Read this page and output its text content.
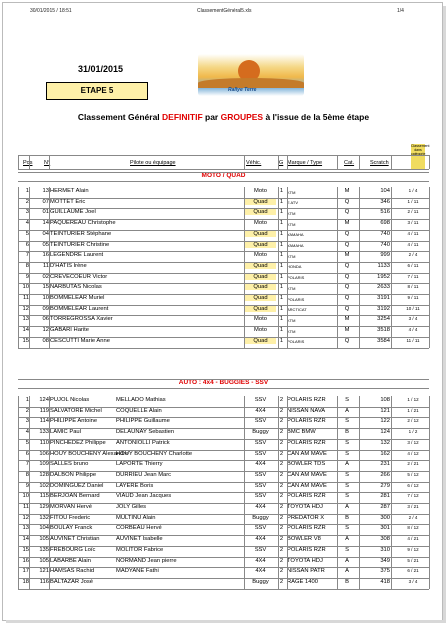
30/01/2015 / 18:51	ClassementGénéral5.xls	1/4
31/01/2015
ETAPE 5	Rallye Terre
Classement Général DEFINITIF par GROUPES à l'issue de la 5ème étape
Pos N°	Pilote ou équipage	Véhic.	G Marque / Type	Cat.	Scratch
Classement dans catégorie
MOTO / QUAD
1	13 HERMET Alain	Moto	1 KTM	M	104	1 / 4
2	07 MOTTET Eric	Quad	1 E ATV	Q	346	1 / 11
3	01 GUILLAUME Joel	Quad	1 KTM	Q	516	2 / 11
4	14 PAQUEREAU Christophe	Moto	1 KTM	M	698	3 / 11
5	04 TEINTURIER Stéphane	Quad	1 YAMAHA	Q	740	4 / 11
6	05 TEINTURIER Christine	Quad	1 YAMAHA	Q	740	4 / 11
7	16 LEGENDRE Laurent	Moto	1 KTM	M	999	2 / 4
8	11 D'HATIS Irène	Quad	1 HONDA	Q	1133	6 / 11
9	02 CREVECOEUR Victor	Quad	1 POLARIS	Q	1952	7 / 11
10	15 NARBUTAS Nicolas	Quad	1 KTM	Q	2633	8 / 11
11	10 BOMMELEAR Muriel	Quad	1 POLARIS	Q	3191	9 / 11
12	09 BOMMELEAR Laurent	Quad	1 ARCTICAT	Q	3192	10 / 11
13	06 TORREGROSSA Xavier	Moto	1 KTM	M	3254	3 / 4
14	12 GABARI Harite	Moto	1 KTM	M	3518	4 / 4
15	08 CESCUTTI Marie Anne	Quad	1 POLARIS	Q	3584	11 / 11
AUTO : 4x4 - BUGGIES - SSV
1	124 PUJOL Nicolas	MELLADO Mathias	SSV	2 POLARIS RZR	S	108	1 / 12
2	119 SALVATORE Michel	COQUELLE Alain	4X4	2 NISSAN NAVA	A	121	1 / 21
3	114 PHILIPPE Antoine	PHILIPPE Guillaume	SSV	2 POLARIS RZR	S	122	2 / 12
4	133 LAMIC Paul	DELAUNAY Sebastien	Buggy	2 BMC BMW	B	124	1 / 2
5	110 PINCHEDEZ Philippe	ANTONIOLLI Patrick	SSV	2 POLARIS RZR	S	132	3 / 12
6	106 HOUY BOUCHENY Alexandre
HOUY BOUCHENY Charlotte	SSV	2 CAN AM MAVE	S	162	4 / 12
7	109 SALLES bruno	LAPORTE Thierry	4X4	2 BOWLER TDS	A	231	2 / 21
8	128 DALBON Philippe	DURRIEU Jean Marc	SSV	2 CAN AM MAVE	S	266	5 / 12
9	102 DOMINGUEZ Daniel	LAYERE Boris	SSV	2 CAN AM MAVE	S	279	6 / 12
10	115 BERJOAN Bernard	VIAUD Jean Jacques	SSV	2 POLARIS RZR	S	281	7 / 12
11	129 MORVAN Hervé	JOLY Gilles	4X4	2 TOYOTA HDJ	A	287	3 / 21
12	132 FITOU Frederic	MULTINU Alain	Buggy	2 PREDATOR X	B	300	2 / 4
13	104 BOULAY Franck	CORBEAU Hervé	SSV	2 POLARIS RZR	S	301	8 / 12
14	105 AUVINET Christian	AUVINET Isabelle	4X4	2 BOWLER V8	A	308	4 / 21
15	135 FREBOURG Loïc	MOLITOR Fabrice	SSV	2 POLARIS RZR	S	310	9 / 12
16	105 LABARBE Alain	NORMAND Jean pierre	4X4	2 TOYOTA HDJ	A	349	5 / 21
17	121 HAMSAS Rachid	MADYANE Fathi	4X4	2 NISSAN PATR	A	375	6 / 21
18	116 BALTAZAR José	Buggy	2 RAGE 1400	B	418	3 / 4
